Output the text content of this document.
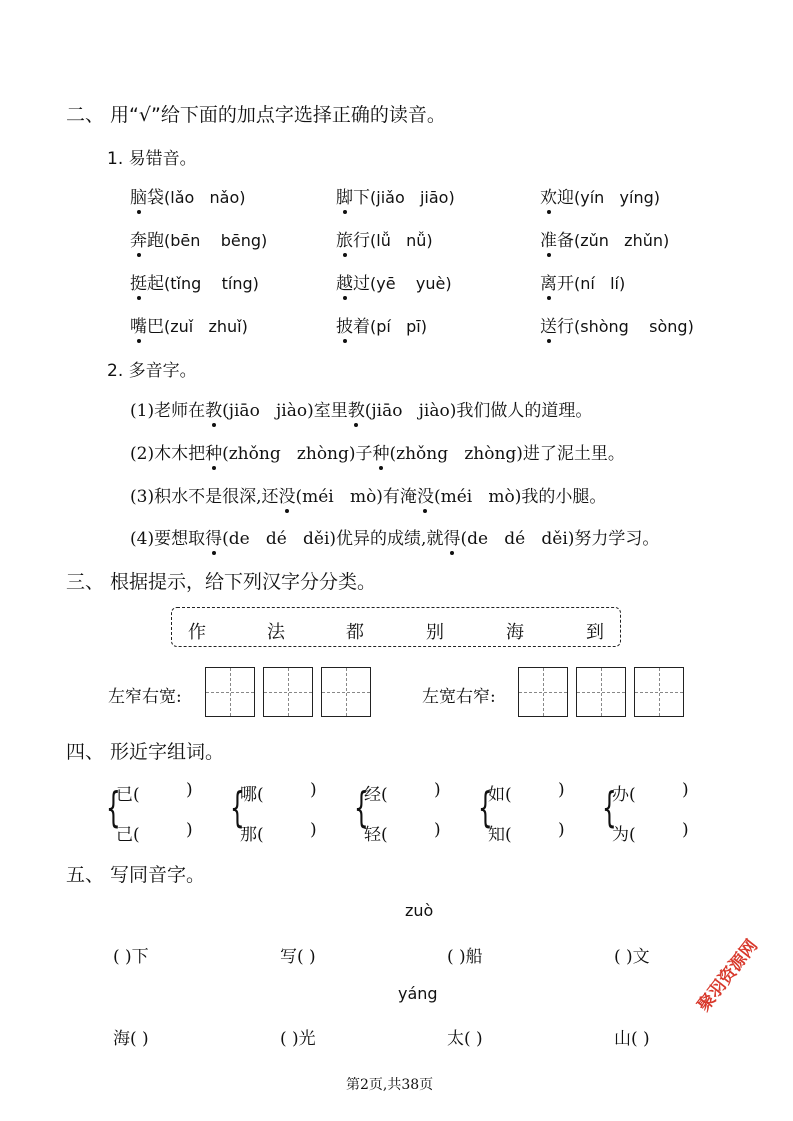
二、 用“√”给下面的加点字选择正确的读音。
1. 易错音。
脑袋(lǎo   nǎo)	脚下(jiǎo   jiāo)	欢迎(yín   yíng)
奔跑(bēn    bēng)	旅行(lǚ   nǚ)	准备(zǔn   zhǔn)
挺起(tǐng    tíng)	越过(yē    yuè)	离开(ní   lí)
嘴巴(zuǐ   zhuǐ)	披着(pí   pī)	送行(shòng    sòng)
2. 多音字。
(1)老师在教(jiāo   jiào)室里教(jiāo   jiào)我们做人的道理。
(2)木木把种(zhǒng   zhòng)子种(zhǒng   zhòng)进了泥土里。
(3)积水不是很深,还没(méi   mò)有淹没(méi   mò)我的小腿。
(4)要想取得(de   dé   děi)优异的成绩,就得(de   dé   děi)努力学习。
三、 根据提示，给下列汉字分分类。
作	法	都	别	海	到
左窄右宽:	左宽右窄:
四、 形近字组词。
{
已(	)
己(	) {
哪(	)
那(	) {
经(	)
轻(	) {
如(	)
知(	) {
办(	)
为(	)
五、 写同音字。
zuò
( )下	写( )	( )船	( )文
yáng
海( )	( )光	太( )	山( )
第2页,共38页
聚羽资源网
